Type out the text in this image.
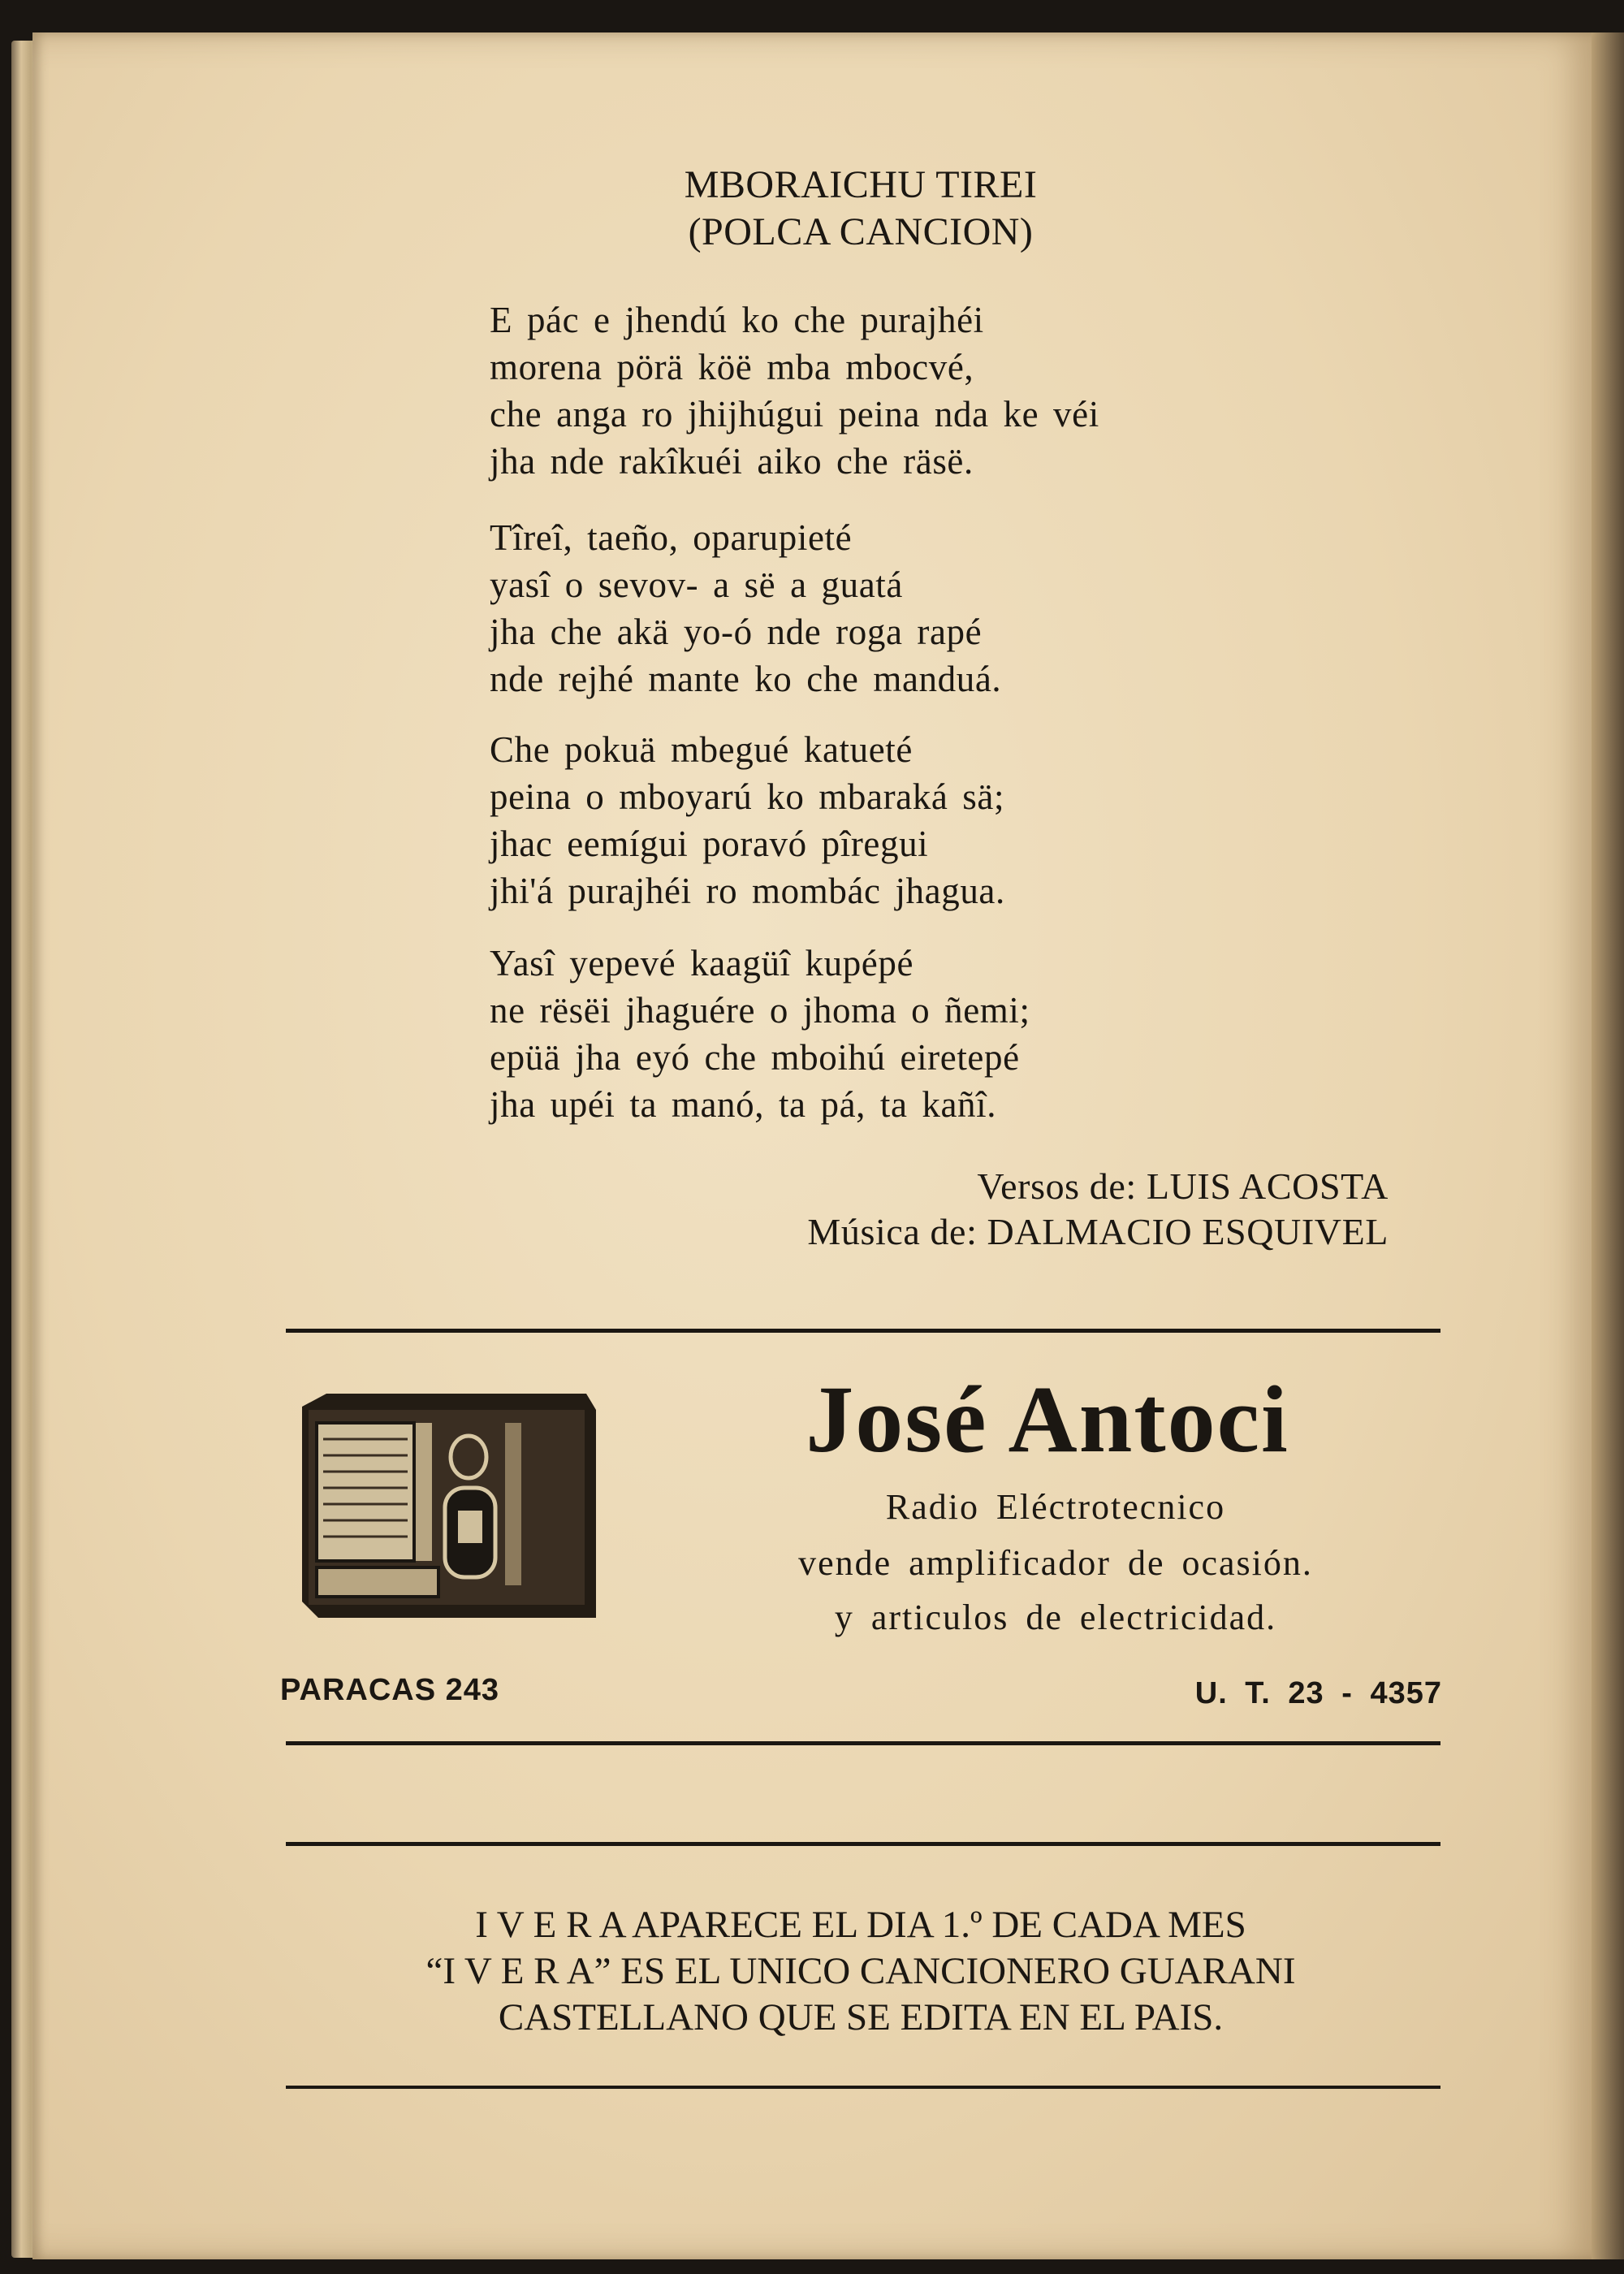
MBORAICHU TIREI
(POLCA CANCION)
E pác e jhendú ko che purajhéi
morena pörä köë mba mbocvé,
che anga ro jhijhúgui peina nda ke véi
jha nde rakîkuéi aiko che räsë.
Tîreî, taeño, oparupieté
yasî o sevov- a së a guatá
jha che akä yo-ó nde roga rapé
nde rejhé mante ko che manduá.
Che pokuä mbegué katueté
peina o mboyarú ko mbaraká sä;
jhac eemígui poravó pîregui
jhi'á purajhéi ro mombác jhagua.
Yasî yepevé kaagüî kupépé
ne rësëi jhaguére o jhoma o ñemi;
epüä jha eyó che mboihú eiretepé
jha upéi ta manó, ta pá, ta kañî.
Versos de: LUIS ACOSTA
Música de: DALMACIO ESQUIVEL
José Antoci
Radio Eléctrotecnico
vende amplificador de ocasión.
y articulos de electricidad.
PARACAS 243	U. T. 23 - 4357
I V E R A APARECE EL DIA 1.º DE CADA MES
“I V E R A” ES EL UNICO CANCIONERO GUARANI
CASTELLANO QUE SE EDITA EN EL PAIS.
